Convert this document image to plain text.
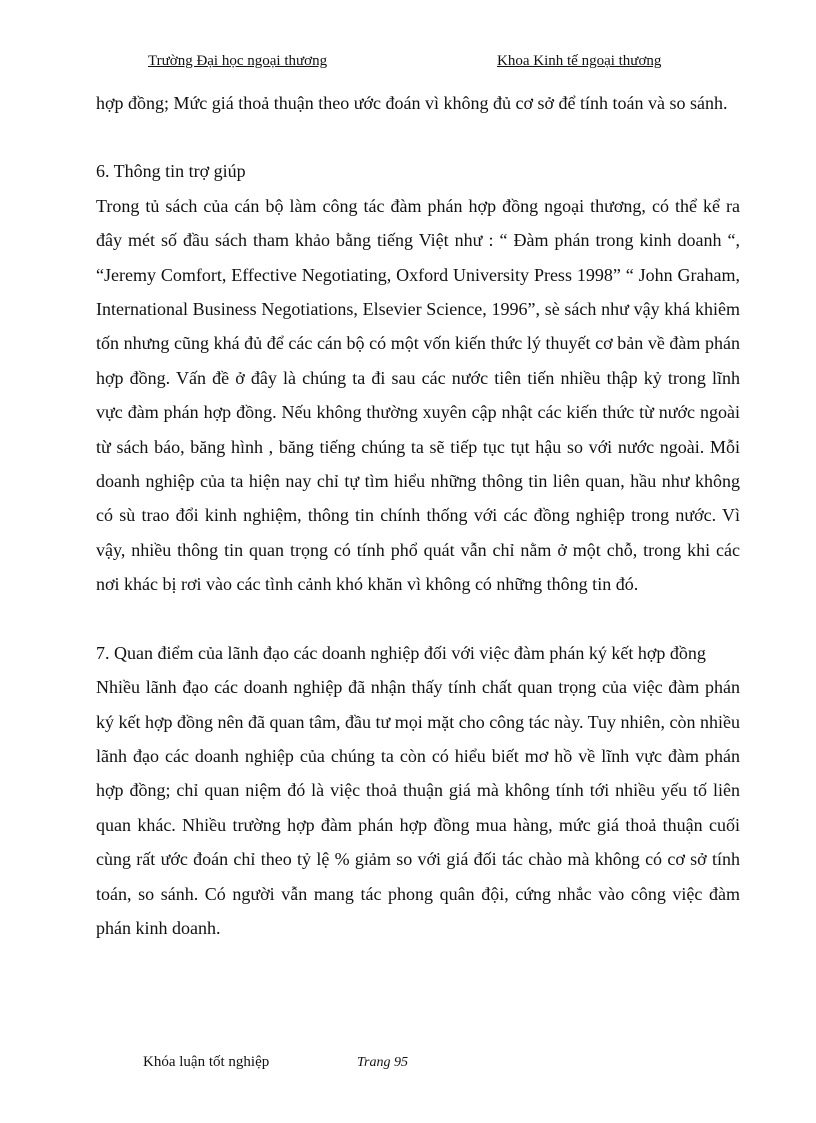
Trường Đại học ngoại thương	Khoa Kinh tế ngoại thương

hợp đồng; Mức giá thoả thuận theo ước đoán vì không đủ cơ sở để tính toán và so sánh.

6. Thông tin trợ giúp

Trong tủ sách của cán bộ làm công tác đàm phán hợp đồng ngoại thương, có thể kể ra đây mét số đầu sách tham khảo bằng tiếng Việt như : “ Đàm phán trong kinh doanh “, “Jeremy Comfort, Effective Negotiating, Oxford University Press 1998” “ John Graham, International Business Negotiations, Elsevier Science, 1996”, sè sách như vậy khá khiêm tốn nhưng cũng khá đủ để các cán bộ có một vốn kiến thức lý thuyết cơ bản về đàm phán hợp đồng. Vấn đề ở đây là chúng ta đi sau các nước tiên tiến nhiều thập kỷ trong lĩnh vực đàm phán hợp đồng. Nếu không thường xuyên cập nhật các kiến thức từ nước ngoài từ sách báo, băng hình , băng tiếng chúng ta sẽ tiếp tục tụt hậu so với nước ngoài. Mỗi doanh nghiệp của ta hiện nay chỉ tự tìm hiểu những thông tin liên quan, hầu như không có sù trao đổi kinh nghiệm, thông tin chính thống với các đồng nghiệp trong nước. Vì vậy, nhiều thông tin quan trọng có tính phổ quát vẫn chỉ nằm ở một chỗ, trong khi các nơi khác bị rơi vào các tình cảnh khó khăn vì không có những thông tin đó.

7. Quan điểm của lãnh đạo các doanh nghiệp đối với việc đàm phán ký kết hợp đồng

Nhiều lãnh đạo các doanh nghiệp đã nhận thấy tính chất quan trọng của việc đàm phán ký kết hợp đồng nên đã quan tâm, đầu tư mọi mặt cho công tác này. Tuy nhiên, còn nhiều lãnh đạo các doanh nghiệp của chúng ta còn có hiểu biết mơ hồ về lĩnh vực đàm phán hợp đồng; chỉ quan niệm đó là việc thoả thuận giá mà không tính tới nhiều yếu tố liên quan khác. Nhiều trường hợp đàm phán hợp đồng mua hàng, mức giá thoả thuận cuối cùng rất ước đoán chỉ theo tỷ lệ % giảm so với giá đối tác chào mà không có cơ sở tính toán, so sánh. Có người vẫn mang tác phong quân đội, cứng nhắc vào công việc đàm phán kinh doanh.

Khóa luận tốt nghiệp	Trang 95
